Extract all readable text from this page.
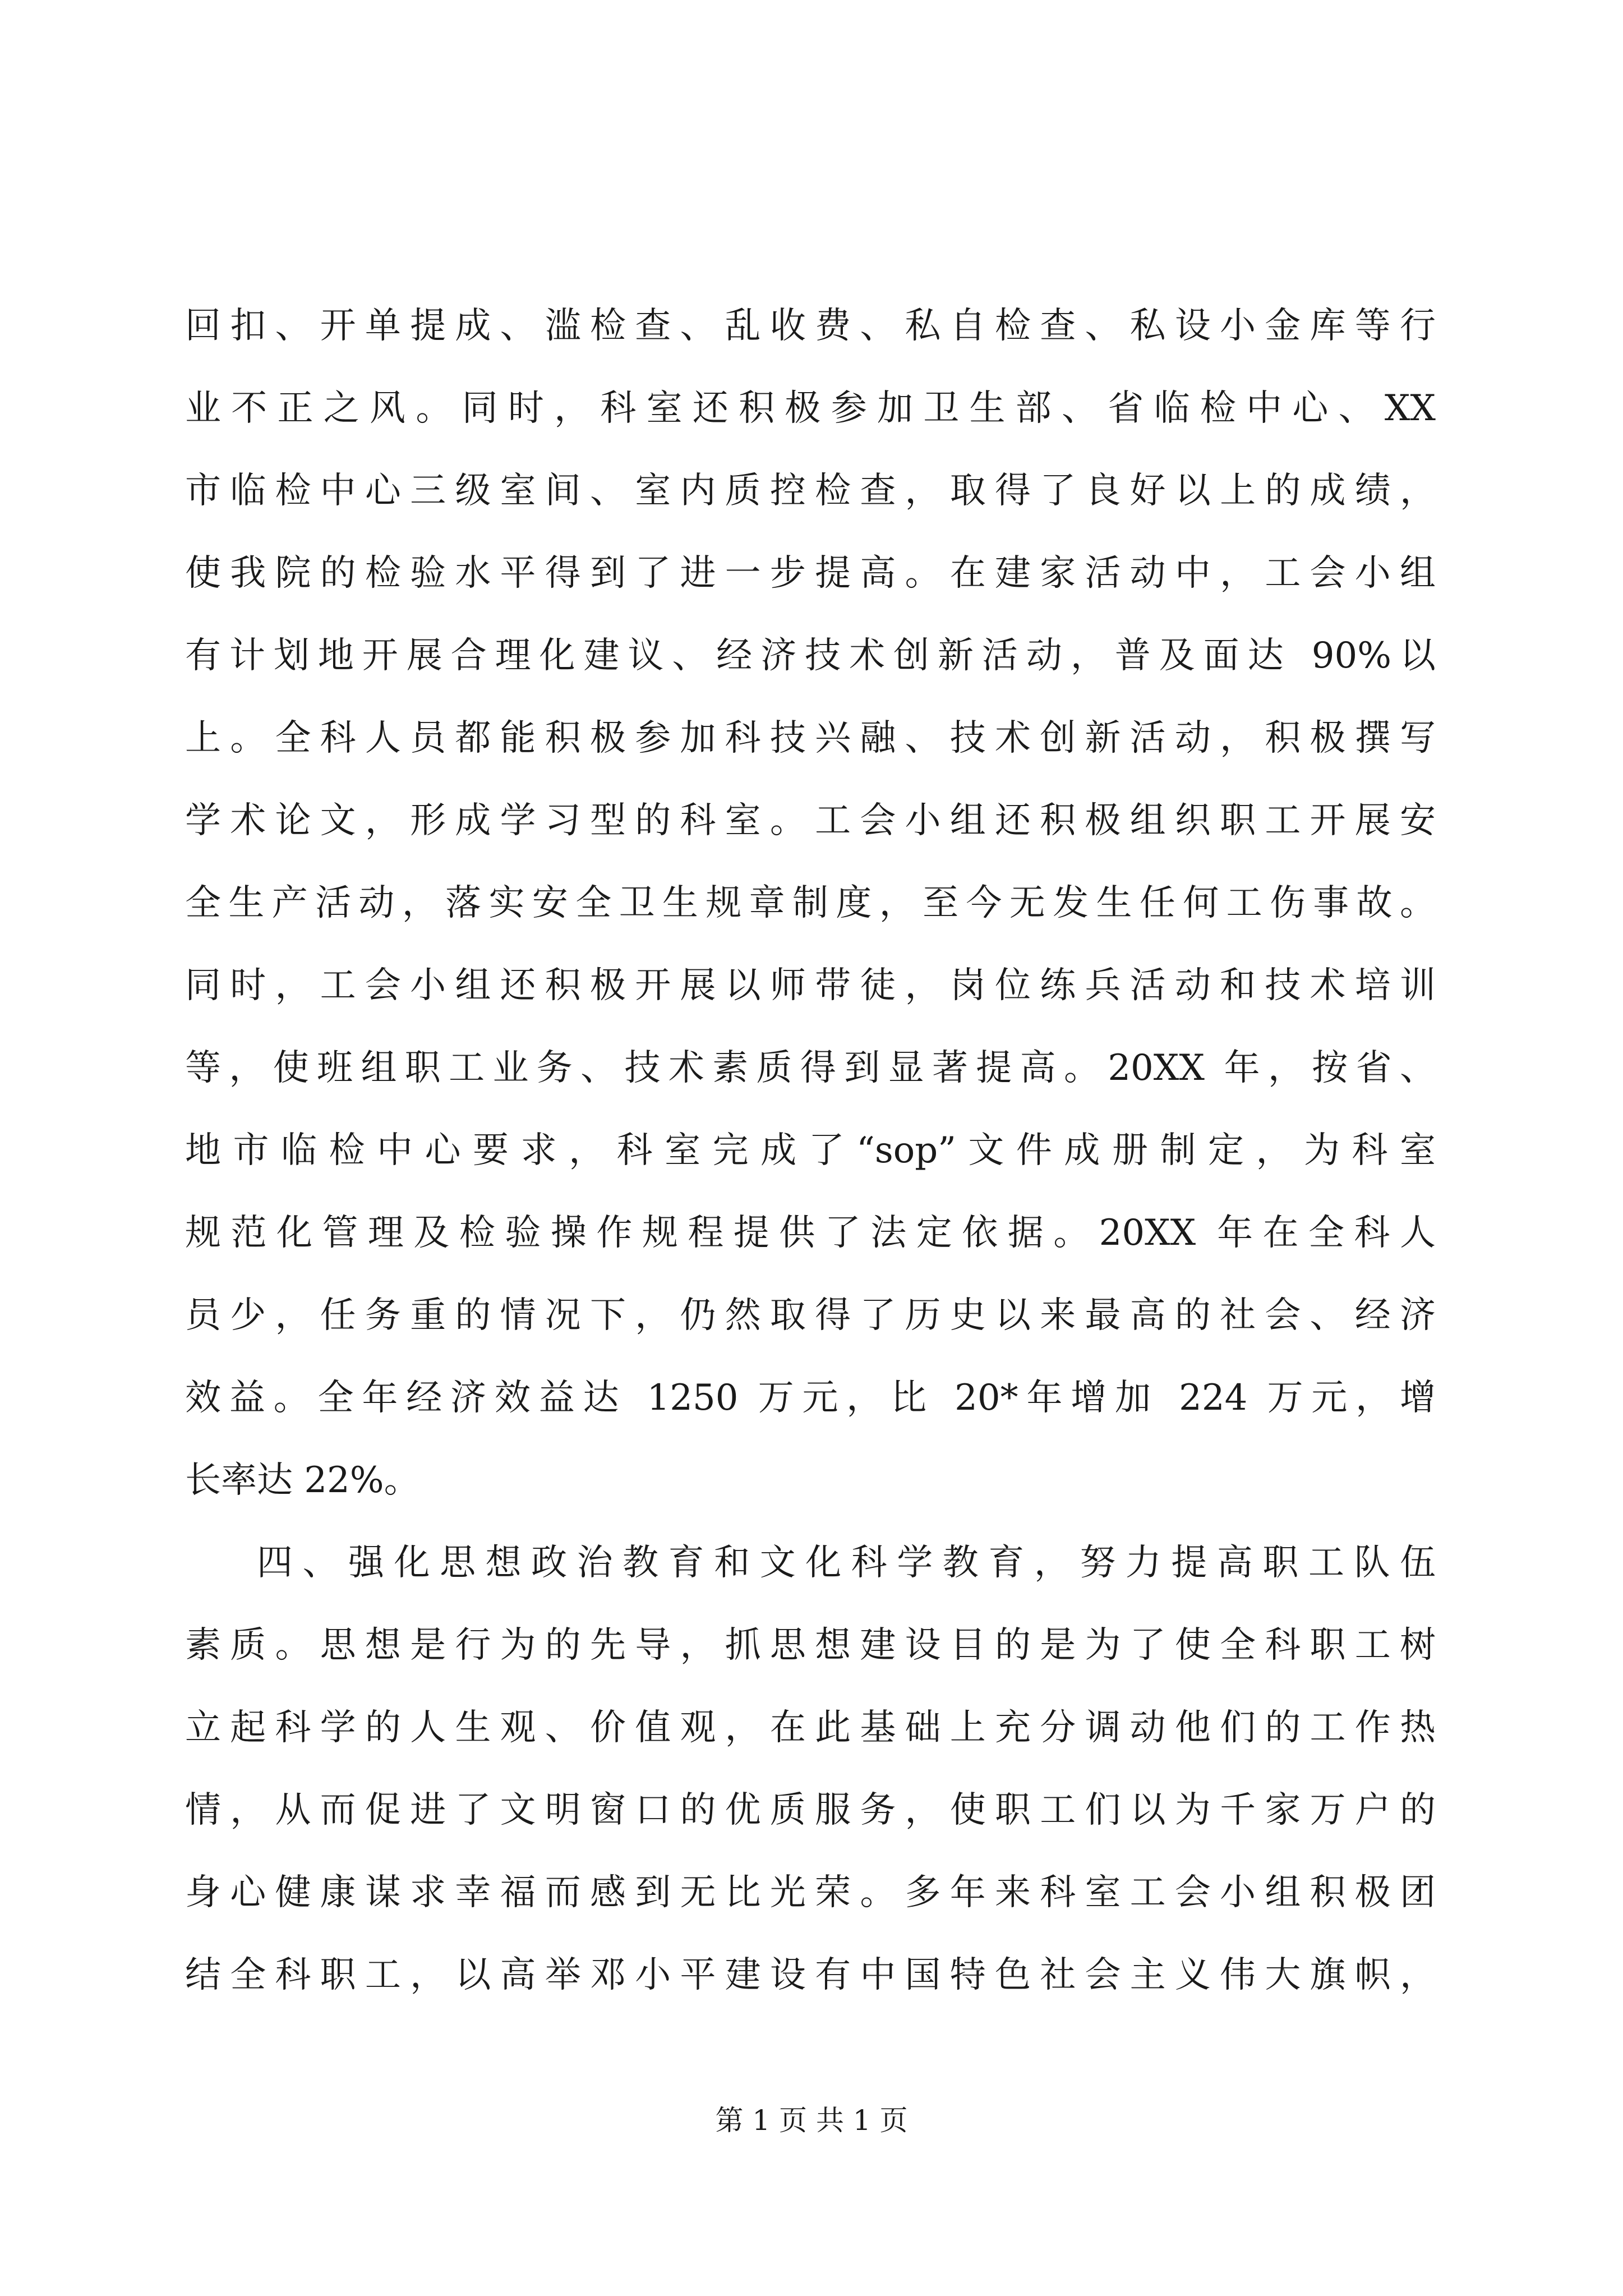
回扣、开单提成、滥检查、乱收费、私自检查、私设小金库等行
业不正之风。同时，科室还积极参加卫生部、省临检中心、XX
市临检中心三级室间、室内质控检查，取得了良好以上的成绩，
使我院的检验水平得到了进一步提高。在建家活动中，工会小组
有计划地开展合理化建议、经济技术创新活动，普及面达 90%以
上。全科人员都能积极参加科技兴融、技术创新活动，积极撰写
学术论文，形成学习型的科室。工会小组还积极组织职工开展安
全生产活动，落实安全卫生规章制度，至今无发生任何工伤事故。
同时，工会小组还积极开展以师带徒，岗位练兵活动和技术培训
等，使班组职工业务、技术素质得到显著提高。20XX 年，按省、
地市临检中心要求，科室完成了“sop”文件成册制定，为科室
规范化管理及检验操作规程提供了法定依据。20XX 年在全科人
员少，任务重的情况下，仍然取得了历史以来最高的社会、经济
效益。全年经济效益达 1250 万元，比 20*年增加 224 万元，增
长率达 22%。
四、强化思想政治教育和文化科学教育，努力提高职工队伍
素质。思想是行为的先导，抓思想建设目的是为了使全科职工树
立起科学的人生观、价值观，在此基础上充分调动他们的工作热
情，从而促进了文明窗口的优质服务，使职工们以为千家万户的
身心健康谋求幸福而感到无比光荣。多年来科室工会小组积极团
结全科职工，以高举邓小平建设有中国特色社会主义伟大旗帜，
第 1 页 共 1 页
